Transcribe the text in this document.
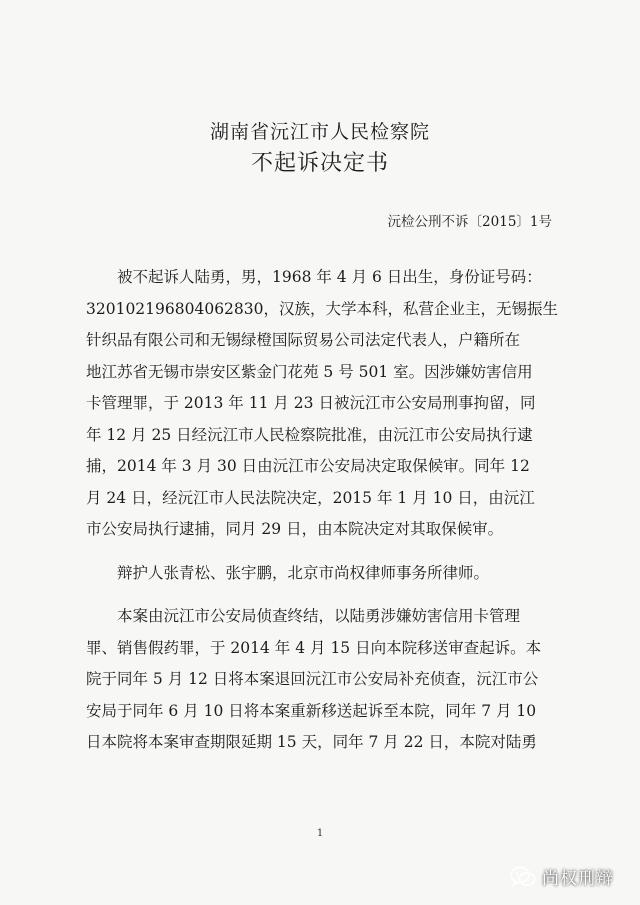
湖南省沅江市人民检察院
不起诉决定书
沅检公刑不诉〔2015〕1号
　　被不起诉人陆勇，男，1968 年 4 月 6 日出生，身份证号码：
320102196804062830，汉族，大学本科，私营企业主，无锡振生
针织品有限公司和无锡绿橙国际贸易公司法定代表人，户籍所在
地江苏省无锡市崇安区紫金门花苑 5 号 501 室。因涉嫌妨害信用
卡管理罪，于 2013 年 11 月 23 日被沅江市公安局刑事拘留，同
年 12 月 25 日经沅江市人民检察院批准，由沅江市公安局执行逮
捕，2014 年 3 月 30 日由沅江市公安局决定取保候审。同年 12
月 24 日，经沅江市人民法院决定，2015 年 1 月 10 日，由沅江
市公安局执行逮捕，同月 29 日，由本院决定对其取保候审。
　　辩护人张青松、张宇鹏，北京市尚权律师事务所律师。
　　本案由沅江市公安局侦查终结，以陆勇涉嫌妨害信用卡管理
罪、销售假药罪，于 2014 年 4 月 15 日向本院移送审查起诉。本
院于同年 5 月 12 日将本案退回沅江市公安局补充侦查，沅江市公
安局于同年 6 月 10 日将本案重新移送起诉至本院，同年 7 月 10
日本院将本案审查期限延期 15 天，同年 7 月 22 日，本院对陆勇
1
尚权刑辩
